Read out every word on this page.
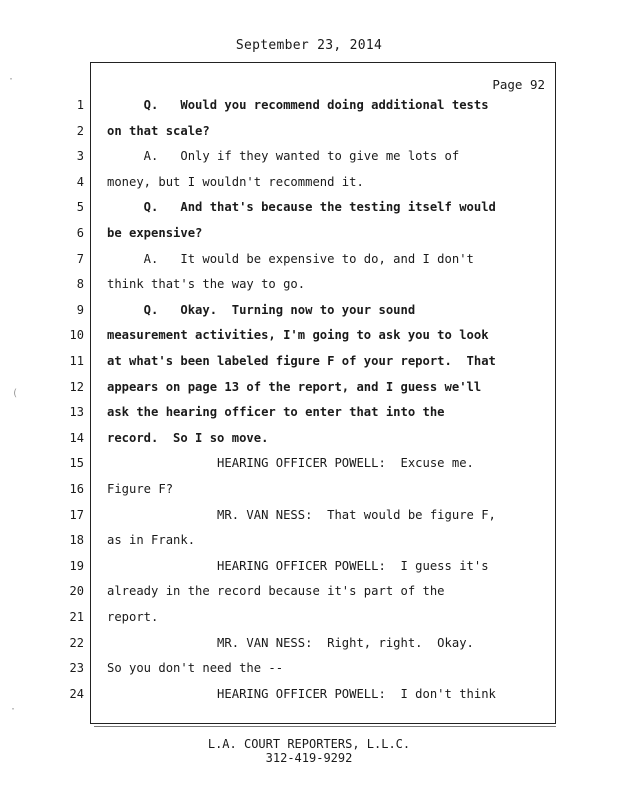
September 23, 2014
Page 92
1 Q.   Would you recommend doing additional tests
2 on that scale?
3 A.   Only if they wanted to give me lots of
4 money, but I wouldn't recommend it.
5 Q.   And that's because the testing itself would
6 be expensive?
7 A.   It would be expensive to do, and I don't
8 think that's the way to go.
9 Q.   Okay.  Turning now to your sound
10 measurement activities, I'm going to ask you to look
11 at what's been labeled figure F of your report.  That
12 appears on page 13 of the report, and I guess we'll
13 ask the hearing officer to enter that into the
14 record.  So I so move.
15 HEARING OFFICER POWELL:  Excuse me.
16 Figure F?
17 MR. VAN NESS:  That would be figure F,
18 as in Frank.
19 HEARING OFFICER POWELL:  I guess it's
20 already in the record because it's part of the
21 report.
22 MR. VAN NESS:  Right, right.  Okay.
23 So you don't need the --
24 HEARING OFFICER POWELL:  I don't think
L.A. COURT REPORTERS, L.L.C.
312-419-9292
·
(
·
